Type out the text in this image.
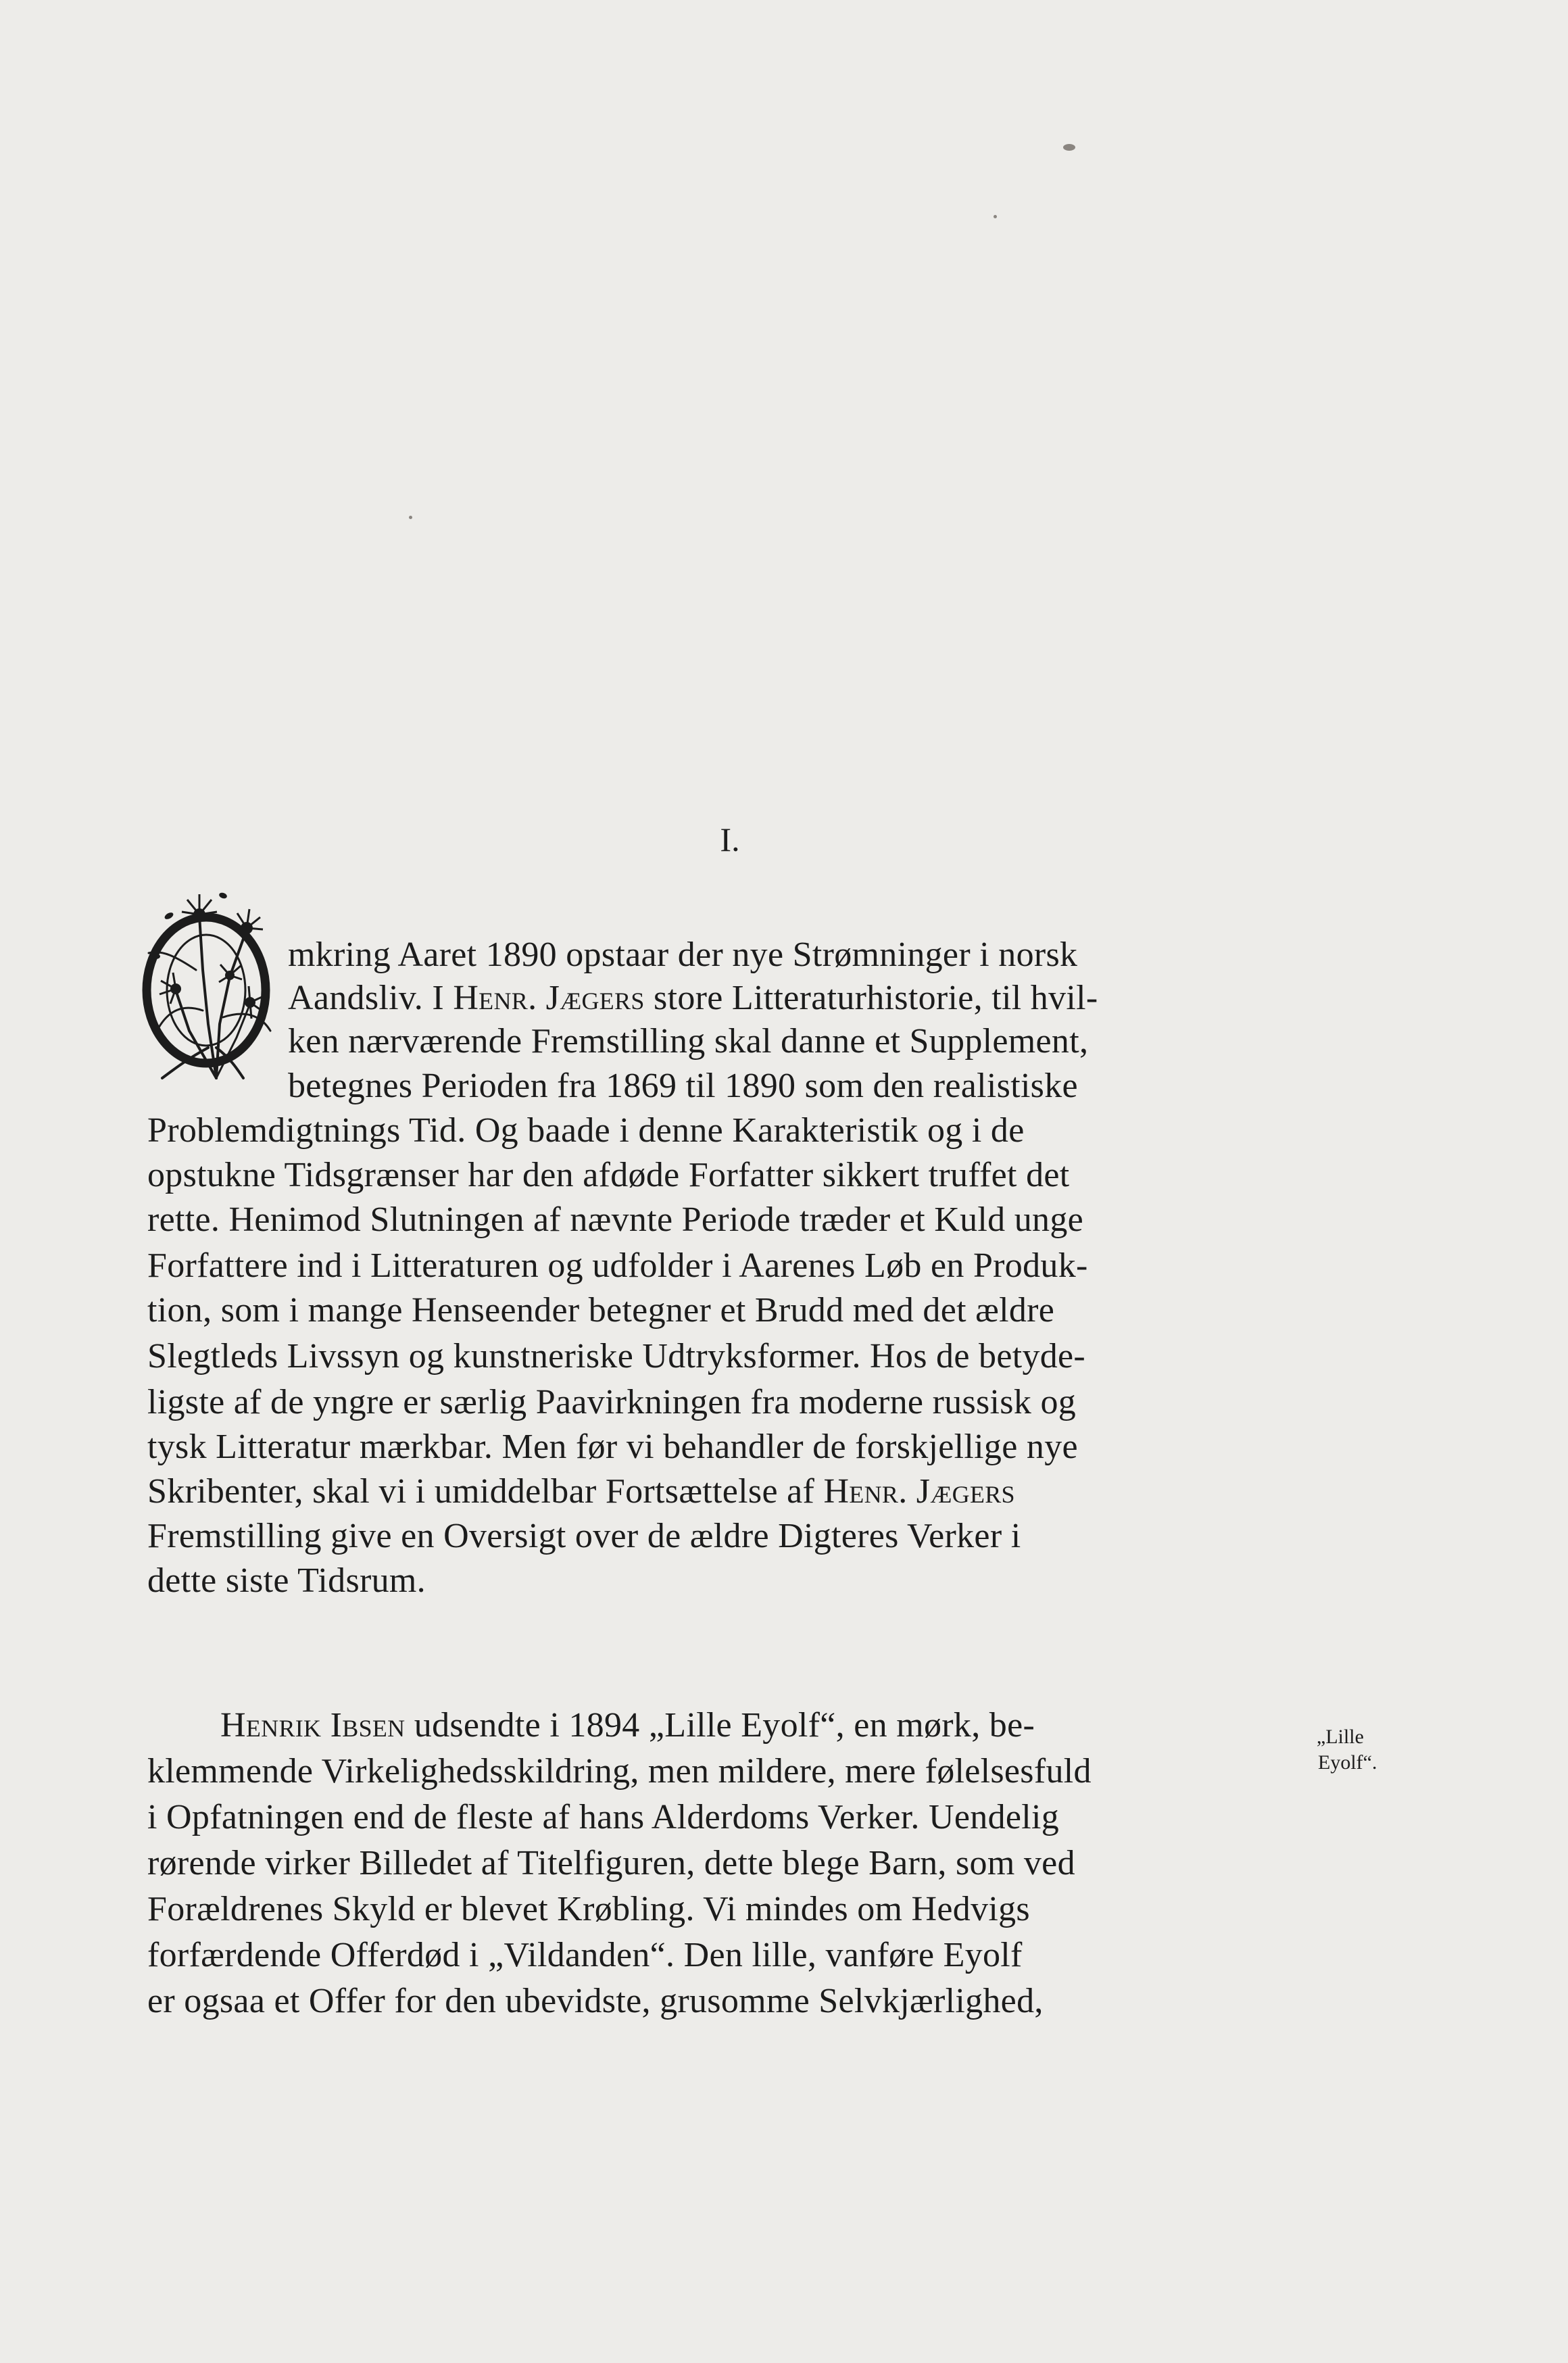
I.
mkring Aaret 1890 opstaar der nye Strømninger i norsk
Aandsliv. I Henr. Jægers store Litteraturhistorie, til hvil-
ken nærværende Fremstilling skal danne et Supplement,
betegnes Perioden fra 1869 til 1890 som den realistiske
Problemdigtnings Tid. Og baade i denne Karakteristik og i de
opstukne Tidsgrænser har den afdøde Forfatter sikkert truffet det
rette. Henimod Slutningen af nævnte Periode træder et Kuld unge
Forfattere ind i Litteraturen og udfolder i Aarenes Løb en Produk-
tion, som i mange Henseender betegner et Brudd med det ældre
Slegtleds Livssyn og kunstneriske Udtryksformer. Hos de betyde-
ligste af de yngre er særlig Paavirkningen fra moderne russisk og
tysk Litteratur mærkbar. Men før vi behandler de forskjellige nye
Skribenter, skal vi i umiddelbar Fortsættelse af Henr. Jægers
Fremstilling give en Oversigt over de ældre Digteres Verker i
dette siste Tidsrum.
Henrik Ibsen udsendte i 1894 „Lille Eyolf“, en mørk, be-
klemmende Virkelighedsskildring, men mildere, mere følelsesfuld
i Opfatningen end de fleste af hans Alderdoms Verker. Uendelig
rørende virker Billedet af Titelfiguren, dette blege Barn, som ved
Forældrenes Skyld er blevet Krøbling. Vi mindes om Hedvigs
forfærdende Offerdød i „Vildanden“. Den lille, vanføre Eyolf
er ogsaa et Offer for den ubevidste, grusomme Selvkjærlighed,
„Lille
Eyolf“.
